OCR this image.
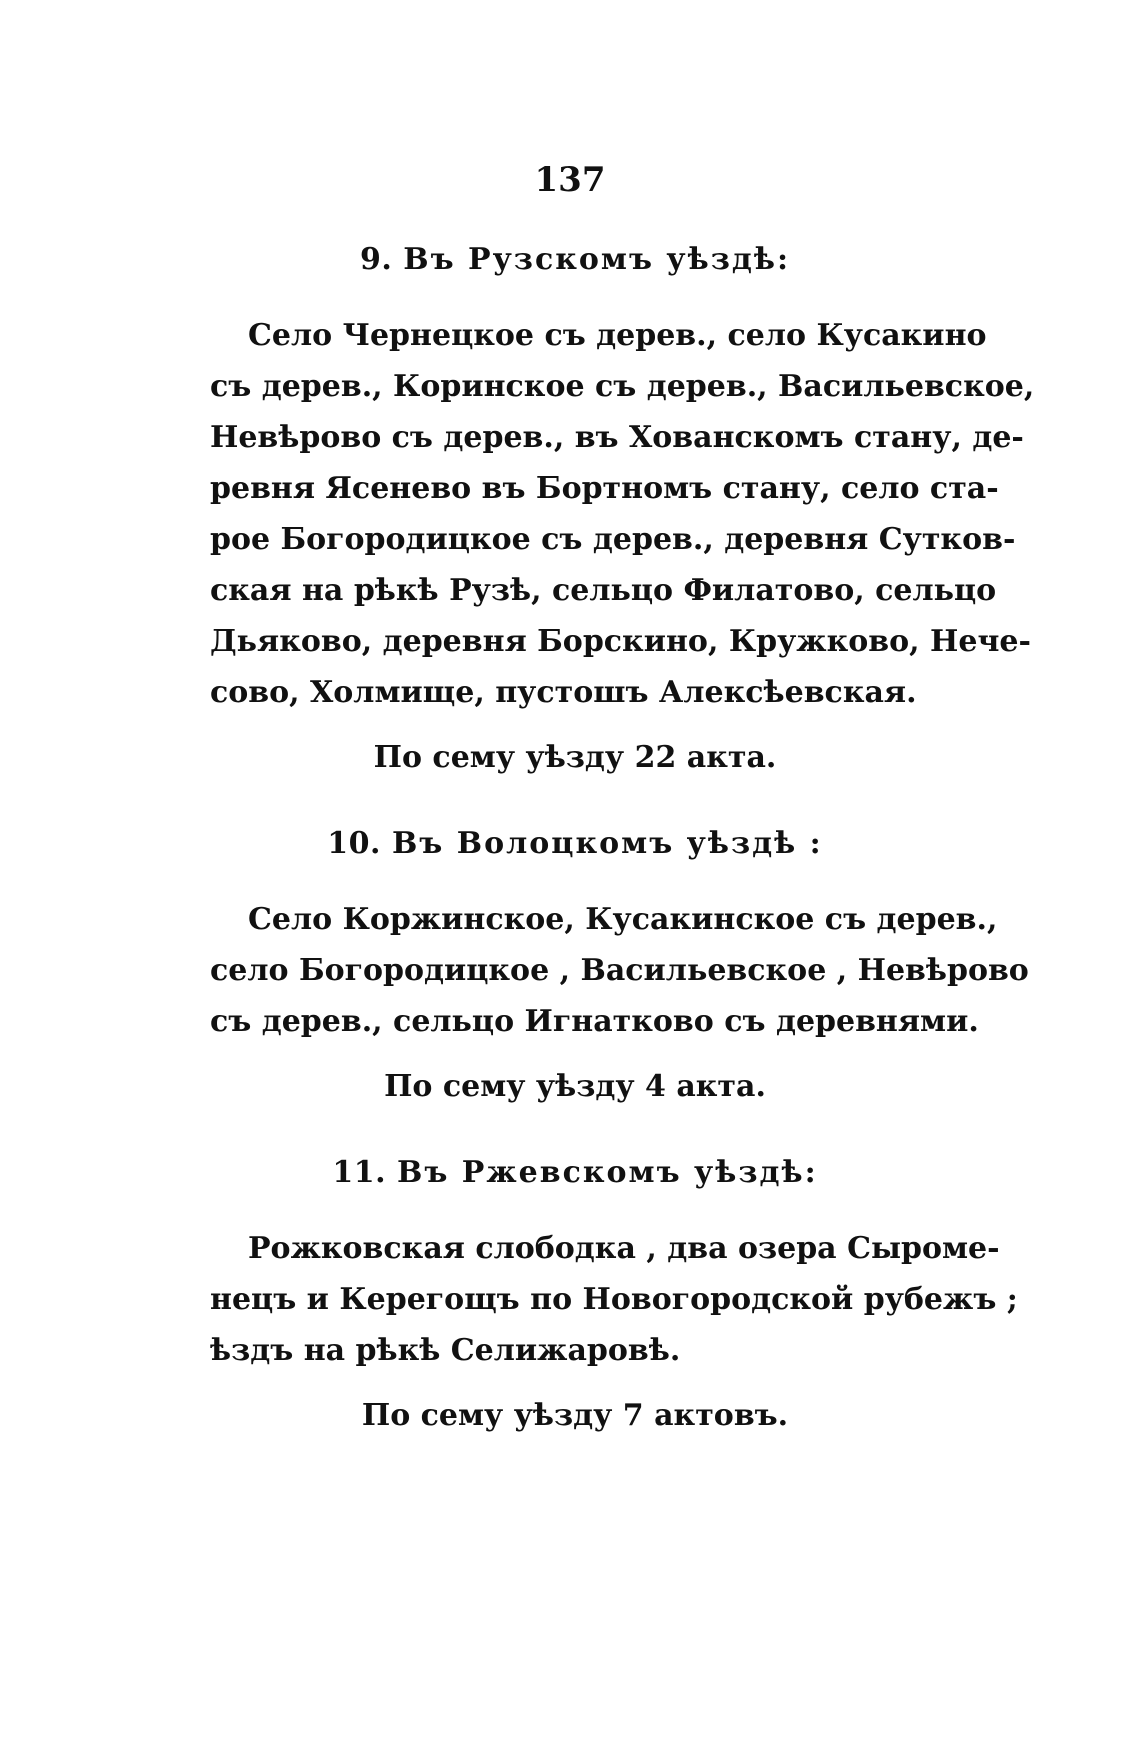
137
9. Въ Рузскомъ уѣздѣ:
Село Чернецкое съ дерев., село Кусакино
съ дерев., Коринское съ дерев., Васильевское,
Невѣрово съ дерев., въ Хованскомъ стану, де-
ревня Ясенево въ Бортномъ стану, село ста-
рое Богородицкое съ дерев., деревня Сутков-
ская на рѣкѣ Рузѣ, сельцо Филатово, сельцо
Дьяково, деревня Борскино, Кружково, Нече-
сово, Холмище, пустошъ Алексѣевская.
По сему уѣзду 22 акта.
10. Въ Волоцкомъ уѣздѣ :
Село Коржинское, Кусакинское съ дерев.,
село Богородицкое , Васильевское , Невѣрово
съ дерев., сельцо Игнатково съ деревнями.
По сему уѣзду 4 акта.
11. Въ Ржевскомъ уѣздѣ:
Рожковская слободка , два озера Сыроме-
нецъ и Керегощъ по Новогородской рубежъ ;
ѣздъ на рѣкѣ Селижаровѣ.
По сему уѣзду 7 актовъ.
